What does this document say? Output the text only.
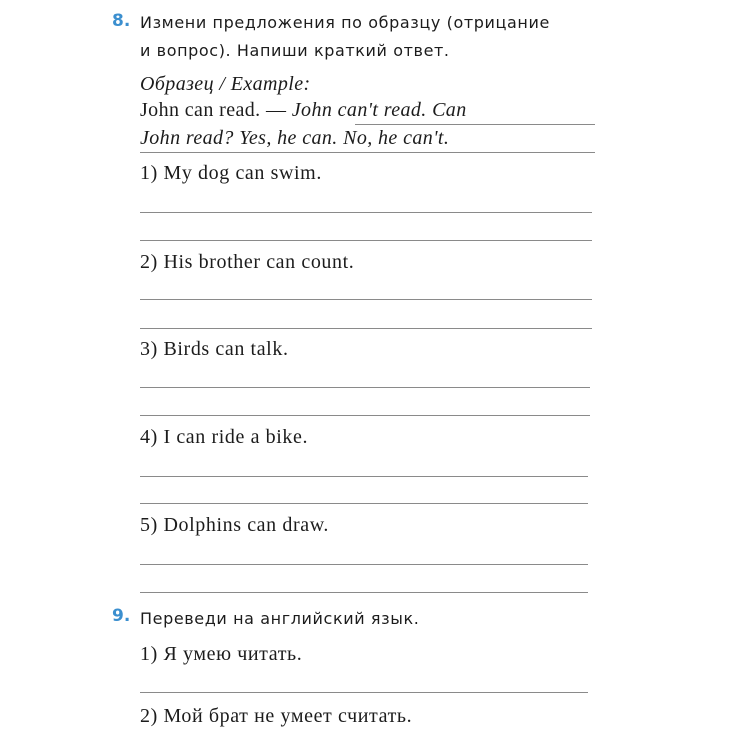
8. Измени предложения по образцу (отрицание
и вопрос). Напиши краткий ответ.
Образец / Example:
John can read. — John can't read. Can
John read? Yes, he can. No, he can't.
1) My dog can swim.
2) His brother can count.
3) Birds can talk.
4) I can ride a bike.
5) Dolphins can draw.
9. Переведи на английский язык.
1) Я умею читать.
2) Мой брат не умеет считать.
